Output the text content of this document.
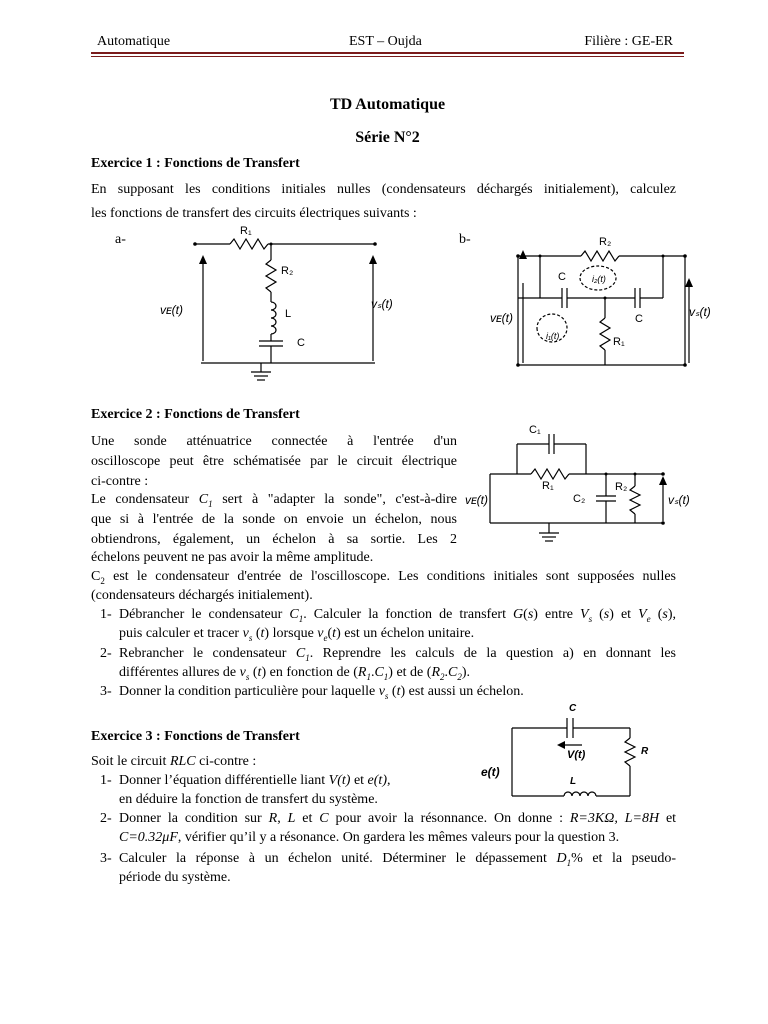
Automatique	EST – Oujda	Filière : GE-ER
TD Automatique
Série N°2
Exercice 1 : Fonctions de Transfert
En supposant les conditions initiales nulles (condensateurs déchargés initialement), calculez
les fonctions de transfert des circuits électriques suivants :
a-	b-
R₁
R₂
L
C
vᴇ(t)	vₛ(t)
R₂
C	i₂(t)
C
i₁(t)	R₁
vᴇ(t)	vₛ(t)
Exercice 2 : Fonctions de Transfert
Une sonde atténuatrice connectée à l'entrée d'un
oscilloscope peut être schématisée par le circuit électrique
ci-contre :
Le condensateur $C_1$ sert à "adapter la sonde", c'est-à-dire
que si à l'entrée de la sonde on envoie un échelon, nous
obtiendrons, également, un échelon à sa sortie. Les 2
échelons peuvent ne pas avoir la même amplitude.
$C_2$ est le condensateur d'entrée de l'oscilloscope. Les conditions initiales sont supposées nulles
(condensateurs déchargés initialement).
1- Débrancher le condensateur $C_1$. Calculer la fonction de transfert G(s) entre $V_s$ (s) et $V_e$ (s),
puis calculer et tracer $v_s$ (t) lorsque $v_e(t)$ est un échelon unitaire.
2- Rebrancher le condensateur $C_1$. Reprendre les calculs de la question a) en donnant les
différentes allures de $v_s$ (t) en fonction de $(R_1.C_1)$ et de $(R_2.C_2)$.
3- Donner la condition particulière pour laquelle $v_s$ (t) est aussi un échelon.
C₁
R₁
C₂
R₂
vᴇ(t)	vₛ(t)
Exercice 3 : Fonctions de Transfert
Soit le circuit RLC ci-contre :
1- Donner l’équation différentielle liant V(t) et e(t),
en déduire la fonction de transfert du système.
2- Donner la condition sur R, L et C pour avoir la résonnance. On donne : R=3KΩ, L=8H et
C=0.32μF, vérifier qu’il y a résonance. On gardera les mêmes valeurs pour la question 3.
3- Calculer la réponse à un échelon unité. Déterminer le dépassement $D_1\%$ et la pseudo-
période du système.
C
V(t)	R
e(t)
L
